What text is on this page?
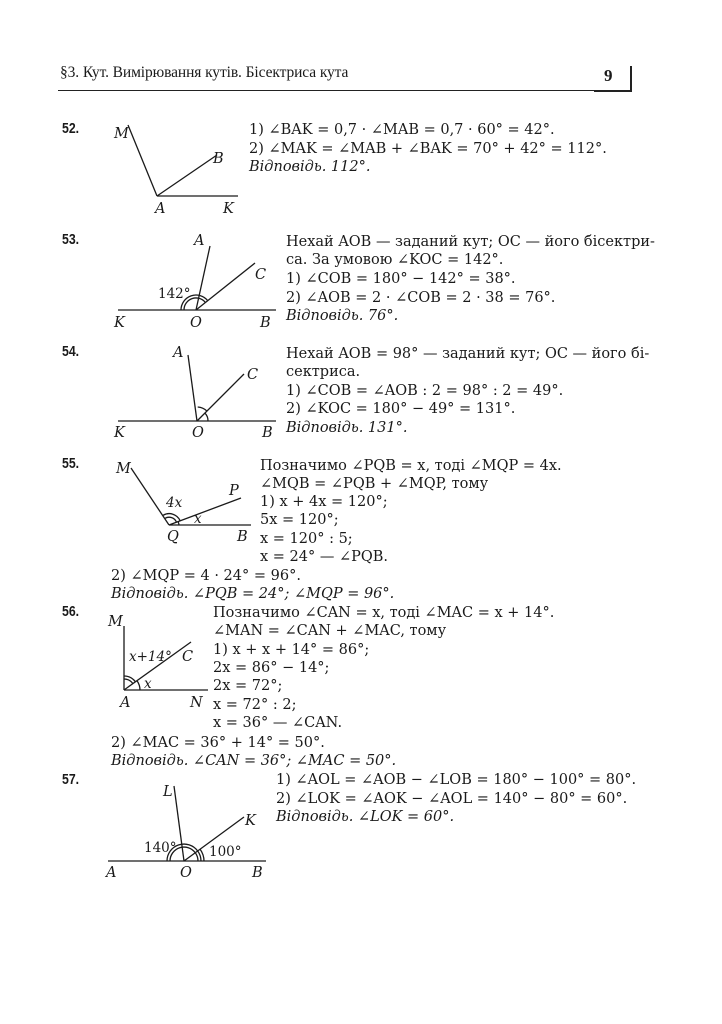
§3. Кут. Вимірювання кутів. Бісектриса кута	9
52.
53.
54.
55.
56.
57.
1) ∠BAK = 0,7 · ∠MAB = 0,7 · 60° = 42°.
2) ∠MAK = ∠MAB + ∠BAK = 70° + 42° = 112°.
Відповідь. 112°.
Нехай AOB — заданий кут; OC — його бісектри-
са. За умовою ∠KOC = 142°.
1) ∠COB = 180° − 142° = 38°.
2) ∠AOB = 2 · ∠COB = 2 · 38 = 76°.
Відповідь. 76°.
Нехай AOB = 98° — заданий кут; OC — його бі-
сектриса.
1) ∠COB = ∠AOB : 2 = 98° : 2 = 49°.
2) ∠KOC = 180° − 49° = 131°.
Відповідь. 131°.
Позначимо ∠PQB = x, тоді ∠MQP = 4x.
∠MQB = ∠PQB + ∠MQP, тому
1) x + 4x = 120°;
5x = 120°;
x = 120° : 5;
x = 24° — ∠PQB.
2) ∠MQP = 4 · 24° = 96°.
Відповідь. ∠PQB = 24°; ∠MQP = 96°.
Позначимо ∠CAN = x, тоді ∠MAC = x + 14°.
∠MAN = ∠CAN + ∠MAC, тому
1) x + x + 14° = 86°;
2x = 86° − 14°;
2x = 72°;
x = 72° : 2;
x = 36° — ∠CAN.
2) ∠MAC = 36° + 14° = 50°.
Відповідь. ∠CAN = 36°; ∠MAC = 50°.
1) ∠AOL = ∠AOB − ∠LOB = 180° − 100° = 80°.
2) ∠LOK = ∠AOK − ∠AOL = 140° − 80° = 60°.
Відповідь. ∠LOK = 60°.
M
B
A	K
A
C
142°
K	O	B
A
C
K	O	B
M
P
4x
x
Q	B
M
x+14° C
x
A	N
L
K
140° 100°
A	O	B
